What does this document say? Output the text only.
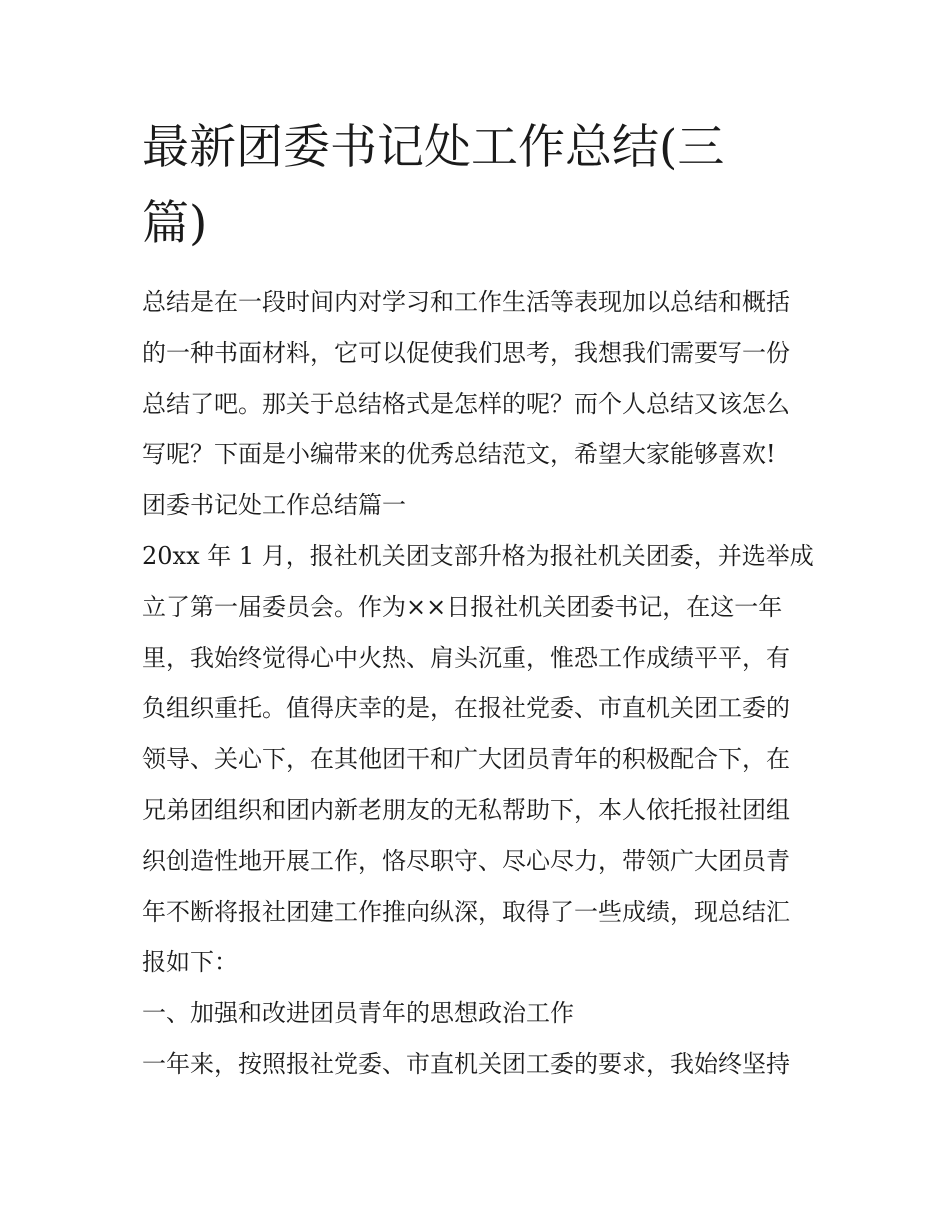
最新团委书记处工作总结(三
篇)
总结是在一段时间内对学习和工作生活等表现加以总结和概括
的一种书面材料，它可以促使我们思考，我想我们需要写一份
总结了吧。那关于总结格式是怎样的呢？而个人总结又该怎么
写呢？下面是小编带来的优秀总结范文，希望大家能够喜欢!
团委书记处工作总结篇一
20xx 年 1 月，报社机关团支部升格为报社机关团委，并选举成
立了第一届委员会。作为××日报社机关团委书记，在这一年
里，我始终觉得心中火热、肩头沉重，惟恐工作成绩平平，有
负组织重托。值得庆幸的是，在报社党委、市直机关团工委的
领导、关心下，在其他团干和广大团员青年的积极配合下，在
兄弟团组织和团内新老朋友的无私帮助下，本人依托报社团组
织创造性地开展工作，恪尽职守、尽心尽力，带领广大团员青
年不断将报社团建工作推向纵深，取得了一些成绩，现总结汇
报如下：
一、加强和改进团员青年的思想政治工作
一年来，按照报社党委、市直机关团工委的要求，我始终坚持
